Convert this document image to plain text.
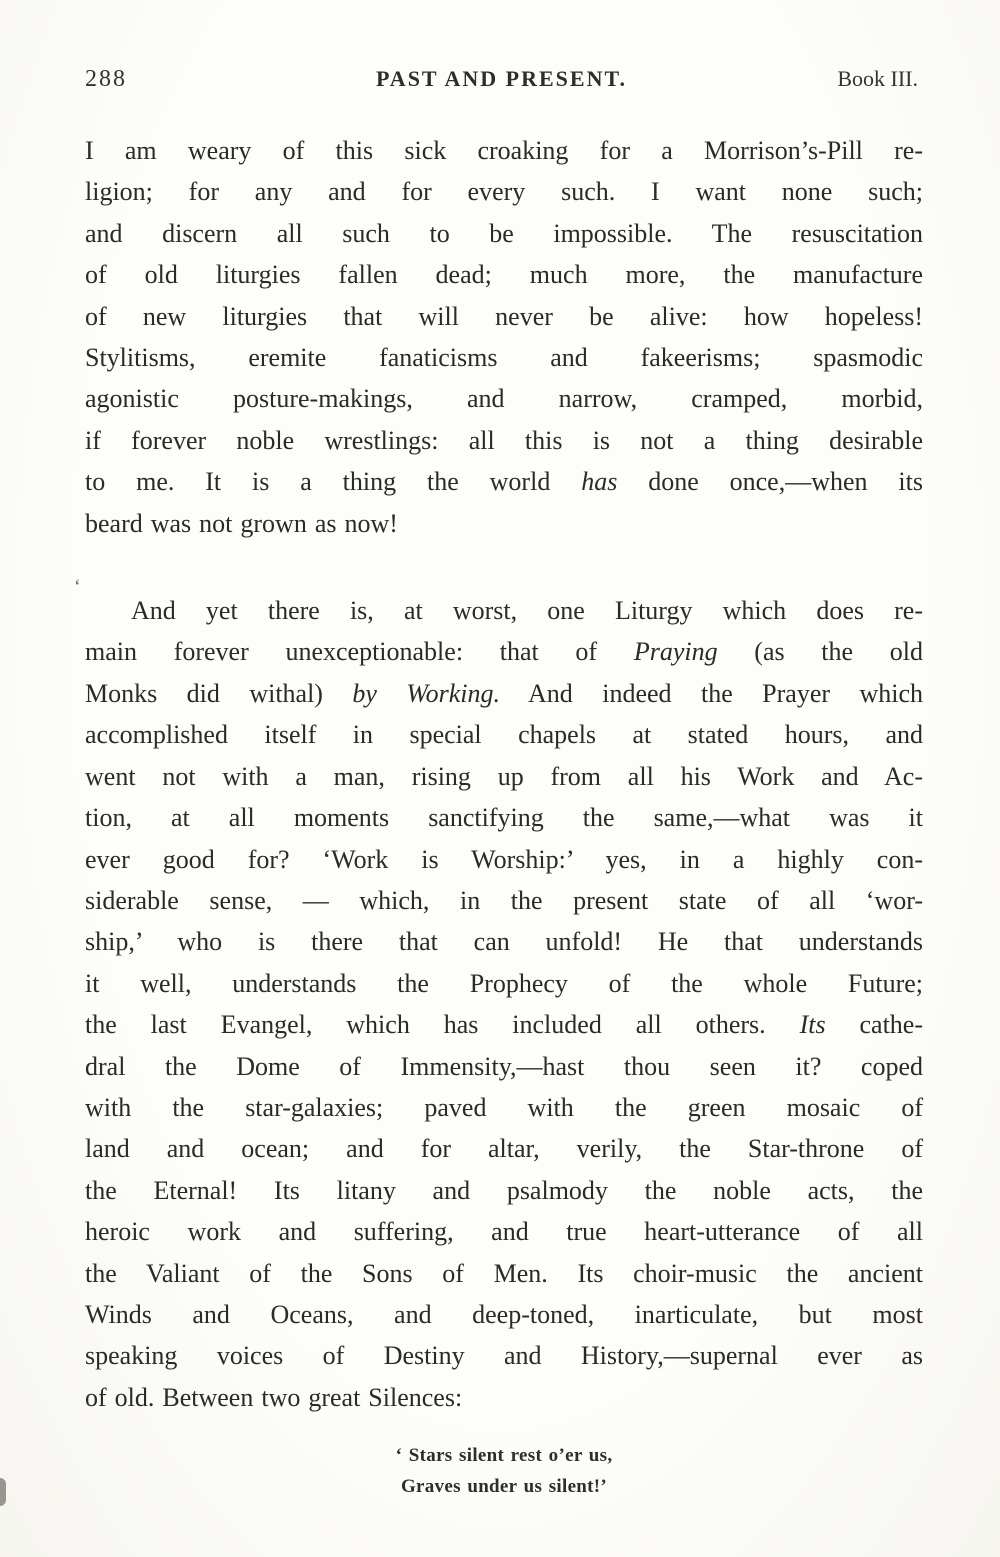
288	PAST AND PRESENT.	Book III.
I am weary of this sick croaking for a Morrison’s-Pill re-
ligion; for any and for every such. I want none such;
and discern all such to be impossible. The resuscitation
of old liturgies fallen dead; much more, the manufacture
of new liturgies that will never be alive: how hopeless!
Stylitisms, eremite fanaticisms and fakeerisms; spasmodic
agonistic posture-makings, and narrow, cramped, morbid,
if forever noble wrestlings: all this is not a thing desirable
to me. It is a thing the world has done once,—when its
beard was not grown as now!
And yet there is, at worst, one Liturgy which does re-
main forever unexceptionable: that of Praying (as the old
Monks did withal) by Working. And indeed the Prayer which
accomplished itself in special chapels at stated hours, and
went not with a man, rising up from all his Work and Ac-
tion, at all moments sanctifying the same,—what was it
ever good for? ‘Work is Worship:’ yes, in a highly con-
siderable sense, — which, in the present state of all ‘wor-
ship,’ who is there that can unfold! He that understands
it well, understands the Prophecy of the whole Future;
the last Evangel, which has included all others. Its cathe-
dral the Dome of Immensity,—hast thou seen it? coped
with the star-galaxies; paved with the green mosaic of
land and ocean; and for altar, verily, the Star-throne of
the Eternal! Its litany and psalmody the noble acts, the
heroic work and suffering, and true heart-utterance of all
the Valiant of the Sons of Men. Its choir-music the ancient
Winds and Oceans, and deep-toned, inarticulate, but most
speaking voices of Destiny and History,—supernal ever as
of old. Between two great Silences:
‘ Stars silent rest o’er us,
Graves under us silent!’
‘
